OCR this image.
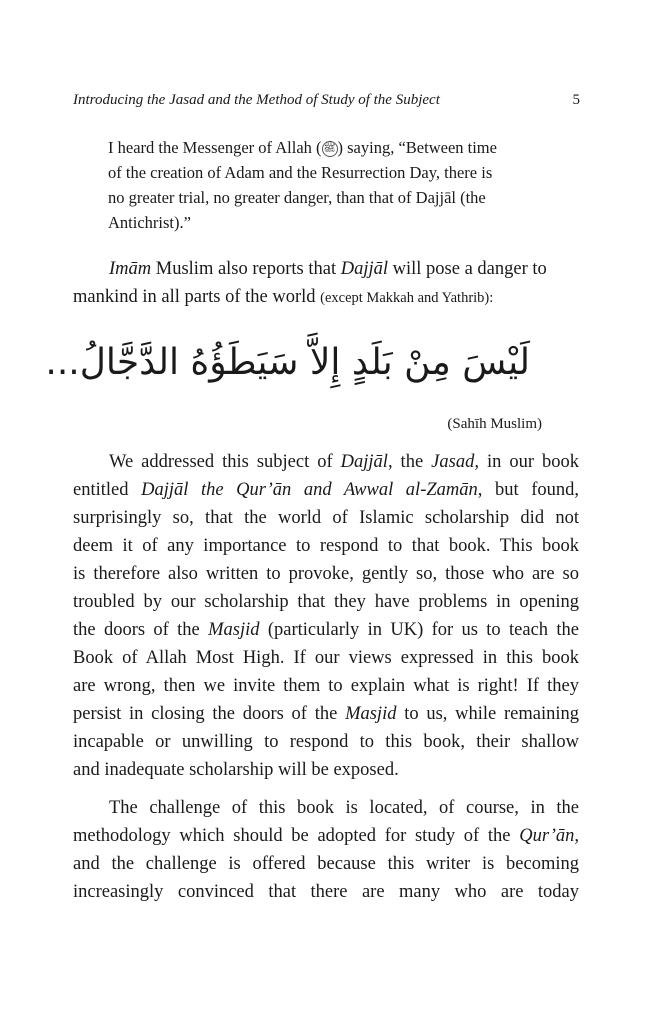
Introducing the Jasad and the Method of Study of the Subject	5
I heard the Messenger of Allah ( ﷺ ) saying, “Between time
of the creation of Adam and the Resurrection Day, there is
no greater trial, no greater danger, than that of Dajjāl (the
Antichrist).”
Imām Muslim also reports that Dajjāl will pose a danger to
mankind in all parts of the world (except Makkah and Yathrib):
لَيْسَ مِنْ بَلَدٍ إِلاَّ سَيَطَؤُهُ الدَّجَّالُ...
(Sahīh Muslim)
We addressed this subject of Dajjāl, the Jasad, in our book
entitled Dajjāl the Qur’ān and Awwal al-Zamān, but found,
surprisingly so, that the world of Islamic scholarship did not
deem it of any importance to respond to that book. This book
is therefore also written to provoke, gently so, those who are so
troubled by our scholarship that they have problems in opening
the doors of the Masjid (particularly in UK) for us to teach the
Book of Allah Most High. If our views expressed in this book
are wrong, then we invite them to explain what is right! If they
persist in closing the doors of the Masjid to us, while remaining
incapable or unwilling to respond to this book, their shallow
and inadequate scholarship will be exposed.
The challenge of this book is located, of course, in the
methodology which should be adopted for study of the Qur’ān,
and the challenge is offered because this writer is becoming
increasingly convinced that there are many who are today
